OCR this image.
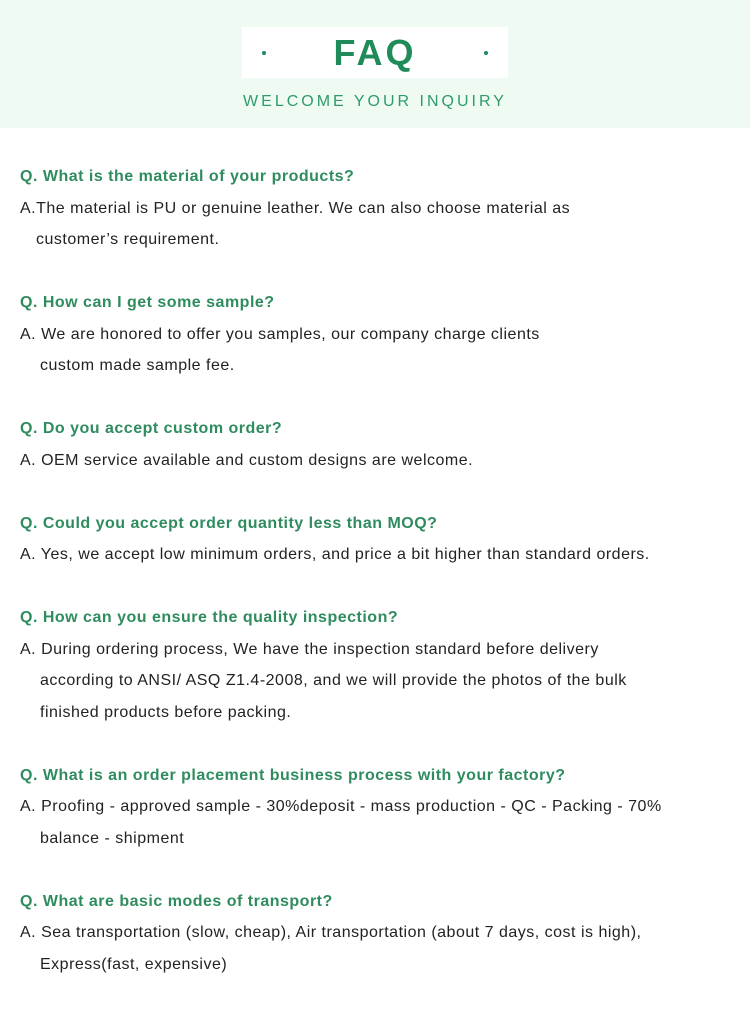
FAQ
WELCOME YOUR INQUIRY
Q. What is the material of your products?
A.The material is PU or genuine leather. We can also choose material as
customer’s requirement.
Q. How can I get some sample?
A. We are honored to offer you samples, our company charge clients
custom made sample fee.
Q. Do you accept custom order?
A. OEM service available and custom designs are welcome.
Q. Could you accept order quantity less than MOQ?
A. Yes, we accept low minimum orders, and price a bit higher than standard orders.
Q. How can you ensure the quality inspection?
A. During ordering process, We have the inspection standard before delivery
according to ANSI/ ASQ Z1.4-2008, and we will provide the photos of the bulk
finished products before packing.
Q. What is an order placement business process with your factory?
A. Proofing - approved sample - 30%deposit - mass production - QC - Packing - 70%
balance - shipment
Q. What are basic modes of transport?
A. Sea transportation (slow, cheap), Air transportation (about 7 days, cost is high),
Express(fast, expensive)
